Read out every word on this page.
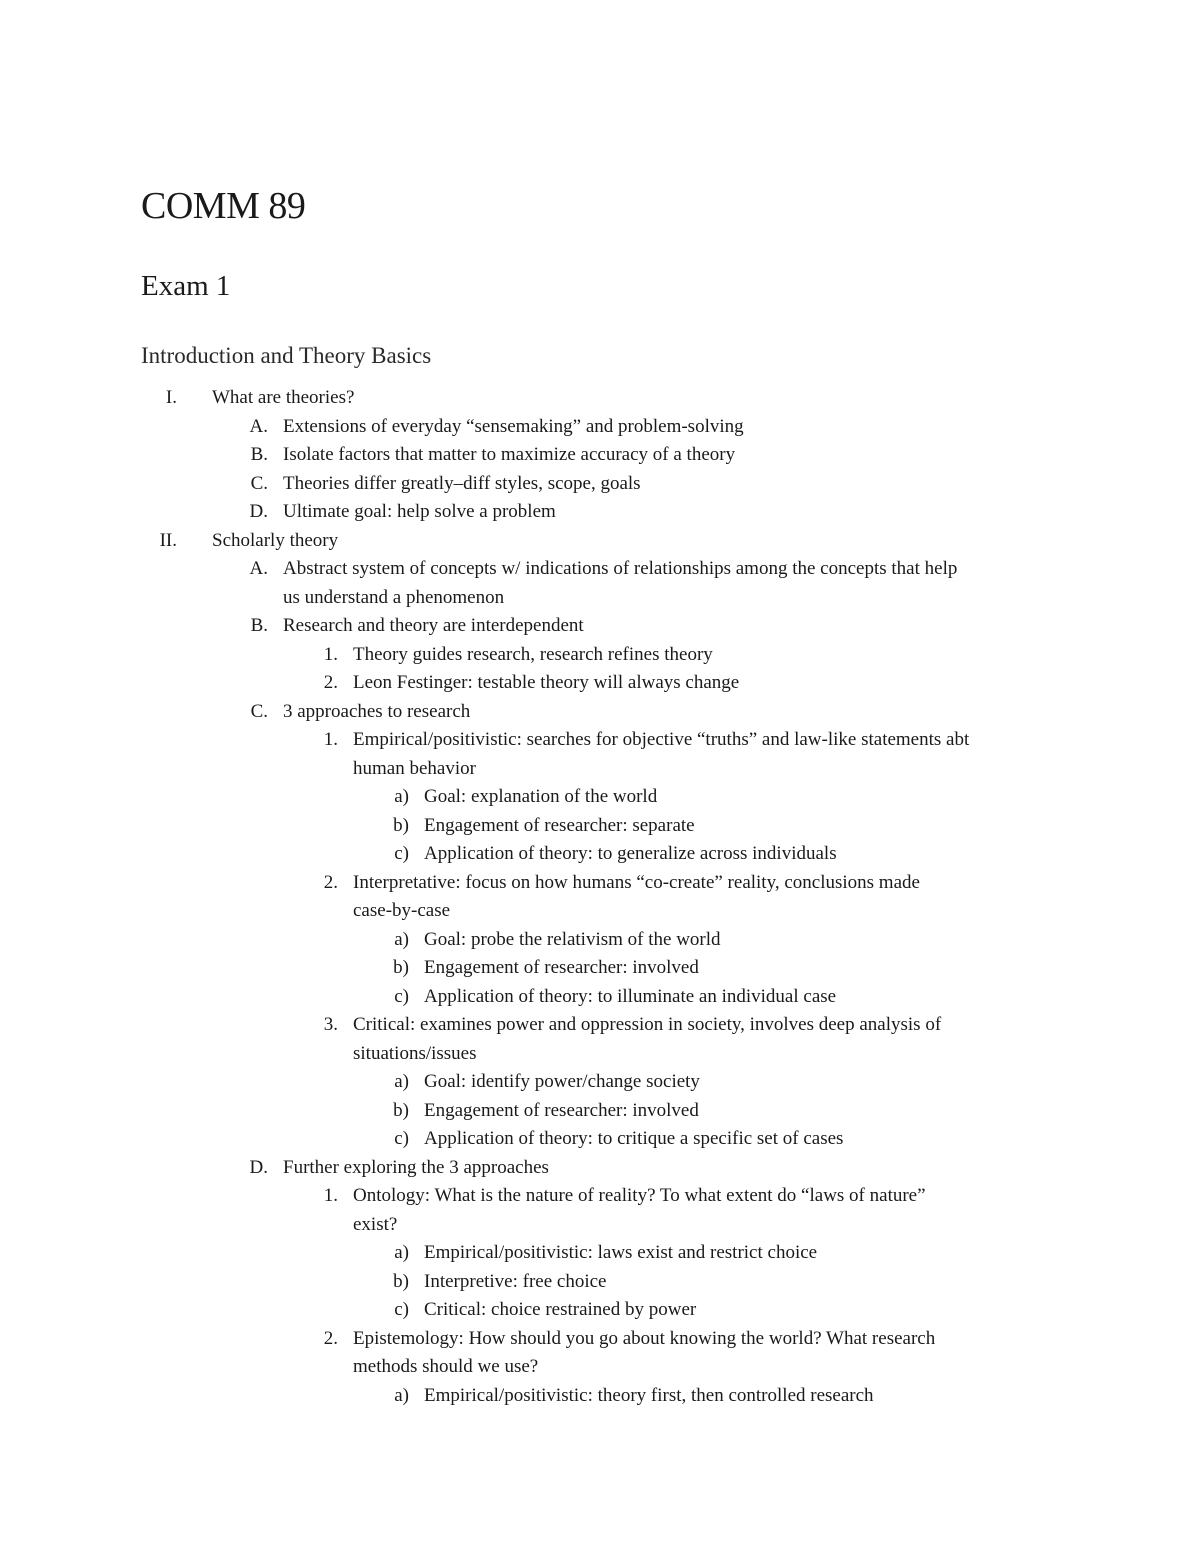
COMM 89
Exam 1
Introduction and Theory Basics
I. What are theories?
A. Extensions of everyday “sensemaking” and problem-solving
B. Isolate factors that matter to maximize accuracy of a theory
C. Theories differ greatly–diff styles, scope, goals
D. Ultimate goal: help solve a problem
II. Scholarly theory
A. Abstract system of concepts w/ indications of relationships among the concepts that help
us understand a phenomenon
B. Research and theory are interdependent
1. Theory guides research, research refines theory
2. Leon Festinger: testable theory will always change
C. 3 approaches to research
1. Empirical/positivistic: searches for objective “truths” and law-like statements abt
human behavior
a) Goal: explanation of the world
b) Engagement of researcher: separate
c) Application of theory: to generalize across individuals
2. Interpretative: focus on how humans “co-create” reality, conclusions made
case-by-case
a) Goal: probe the relativism of the world
b) Engagement of researcher: involved
c) Application of theory: to illuminate an individual case
3. Critical: examines power and oppression in society, involves deep analysis of
situations/issues
a) Goal: identify power/change society
b) Engagement of researcher: involved
c) Application of theory: to critique a specific set of cases
D. Further exploring the 3 approaches
1. Ontology: What is the nature of reality? To what extent do “laws of nature”
exist?
a) Empirical/positivistic: laws exist and restrict choice
b) Interpretive: free choice
c) Critical: choice restrained by power
2. Epistemology: How should you go about knowing the world? What research
methods should we use?
a) Empirical/positivistic: theory first, then controlled research
